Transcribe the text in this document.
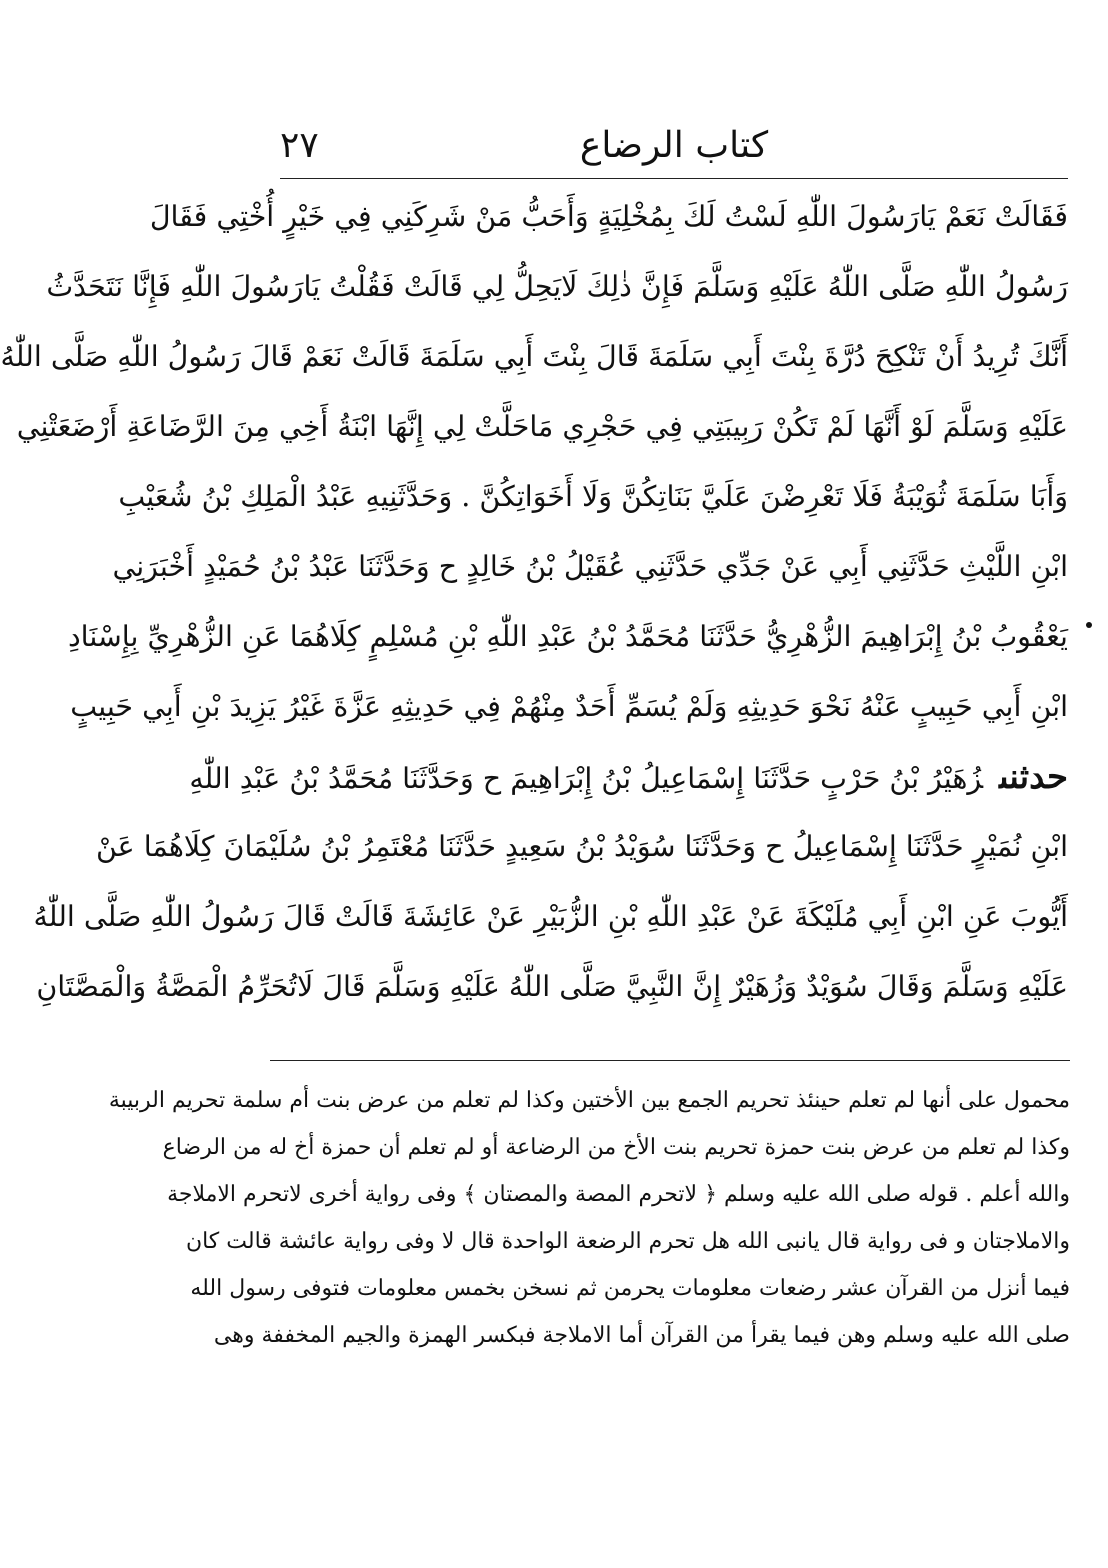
كتاب الرضاع
٢٧
فَقَالَتْ نَعَمْ يَارَسُولَ اللّٰهِ لَسْتُ لَكَ بِمُخْلِيَةٍ وَأَحَبُّ مَنْ شَرِكَنِي فِي خَيْرٍ أُخْتِي فَقَالَ
رَسُولُ اللّٰهِ صَلَّى اللّٰهُ عَلَيْهِ وَسَلَّمَ فَإِنَّ ذٰلِكَ لَايَحِلُّ لِي قَالَتْ فَقُلْتُ يَارَسُولَ اللّٰهِ فَإِنَّا نَتَحَدَّثُ
أَنَّكَ تُرِيدُ أَنْ تَنْكِحَ دُرَّةَ بِنْتَ أَبِي سَلَمَةَ قَالَ بِنْتَ أَبِي سَلَمَةَ قَالَتْ نَعَمْ قَالَ رَسُولُ اللّٰهِ صَلَّى اللّٰهُ
عَلَيْهِ وَسَلَّمَ لَوْ أَنَّهَا لَمْ تَكُنْ رَبِيبَتِي فِي حَجْرِي مَاحَلَّتْ لِي إِنَّهَا ابْنَةُ أَخِي مِنَ الرَّضَاعَةِ أَرْضَعَتْنِي
وَأَبَا سَلَمَةَ ثُوَيْبَةُ فَلَا تَعْرِضْنَ عَلَيَّ بَنَاتِكُنَّ وَلَا أَخَوَاتِكُنَّ . وَحَدَّثَنِيهِ عَبْدُ الْمَلِكِ بْنُ شُعَيْبِ
ابْنِ اللَّيْثِ حَدَّثَنِي أَبِي عَنْ جَدِّي حَدَّثَنِي عُقَيْلُ بْنُ خَالِدٍ ح وَحَدَّثَنَا عَبْدُ بْنُ حُمَيْدٍ أَخْبَرَنِي
يَعْقُوبُ بْنُ إِبْرَاهِيمَ الزُّهْرِيُّ حَدَّثَنَا مُحَمَّدُ بْنُ عَبْدِ اللّٰهِ بْنِ مُسْلِمٍ كِلَاهُمَا عَنِ الزُّهْرِيِّ بِإِسْنَادِ
ابْنِ أَبِي حَبِيبٍ عَنْهُ نَحْوَ حَدِيثِهِ وَلَمْ يُسَمِّ أَحَدٌ مِنْهُمْ فِي حَدِيثِهِ عَزَّةَ غَيْرُ يَزِيدَ بْنِ أَبِي حَبِيبٍ
حدثنىزُهَيْرُ بْنُ حَرْبٍ حَدَّثَنَا إِسْمَاعِيلُ بْنُ إِبْرَاهِيمَ ح وَحَدَّثَنَا مُحَمَّدُ بْنُ عَبْدِ اللّٰهِ
ابْنِ نُمَيْرٍ حَدَّثَنَا إِسْمَاعِيلُ ح وَحَدَّثَنَا سُوَيْدُ بْنُ سَعِيدٍ حَدَّثَنَا مُعْتَمِرُ بْنُ سُلَيْمَانَ كِلَاهُمَا عَنْ
أَيُّوبَ عَنِ ابْنِ أَبِي مُلَيْكَةَ عَنْ عَبْدِ اللّٰهِ بْنِ الزُّبَيْرِ عَنْ عَائِشَةَ قَالَتْ قَالَ رَسُولُ اللّٰهِ صَلَّى اللّٰهُ
عَلَيْهِ وَسَلَّمَ وَقَالَ سُوَيْدٌ وَزُهَيْرٌ إِنَّ النَّبِيَّ صَلَّى اللّٰهُ عَلَيْهِ وَسَلَّمَ قَالَ لَاتُحَرِّمُ الْمَصَّةُ وَالْمَصَّتَانِ
محمول على أنها لم تعلم حينئذ تحريم الجمع بين الأختين وكذا لم تعلم من عرض بنت أم سلمة تحريم الربيبة
وكذا لم تعلم من عرض بنت حمزة تحريم بنت الأخ من الرضاعة أو لم تعلم أن حمزة أخ له من الرضاع
والله أعلم . قوله صلى الله عليه وسلم ﴿ لاتحرم المصة والمصتان ﴾ وفى رواية أخرى لاتحرم الاملاجة
والاملاجتان و فى رواية قال يانبى الله هل تحرم الرضعة الواحدة قال لا وفى رواية عائشة قالت كان
فيما أنزل من القرآن عشر رضعات معلومات يحرمن ثم نسخن بخمس معلومات فتوفى رسول الله
صلى الله عليه وسلم وهن فيما يقرأ من القرآن أما الاملاجة فبكسر الهمزة والجيم المخففة وهى
